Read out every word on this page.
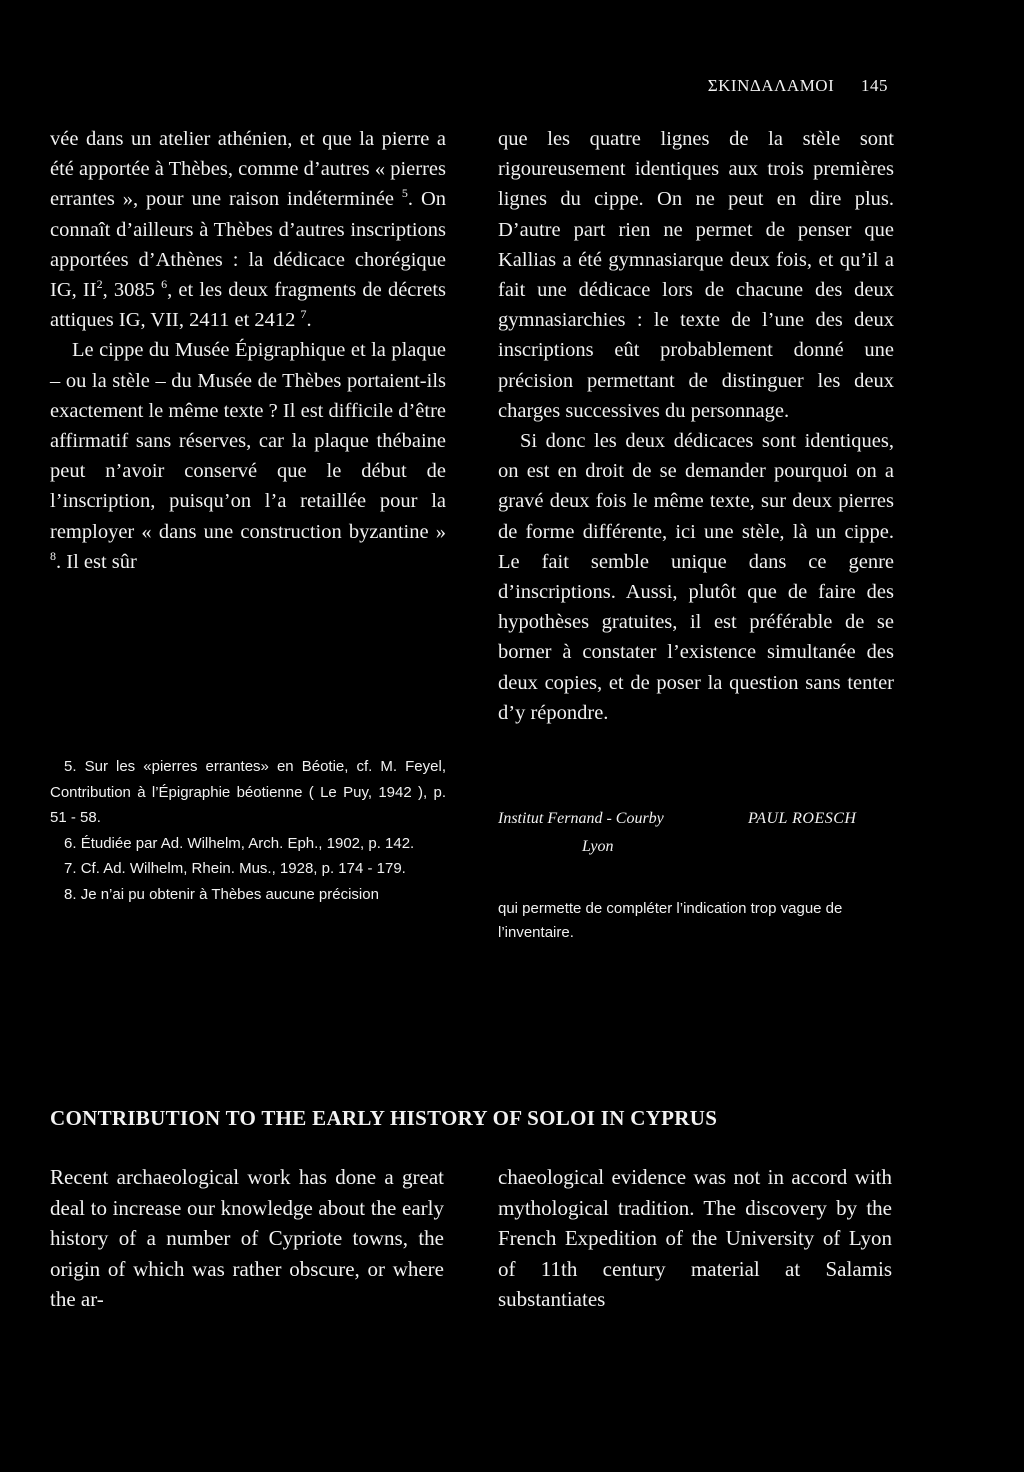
ΣΚΙΝΔΑΛΑΜΟΙ 145

vée dans un atelier athénien, et que la pierre a été apportée à Thèbes, comme d’autres « pierres errantes », pour une raison indéterminée $^5$. On connaît d’ailleurs à Thèbes d’autres inscriptions apportées d’Athènes : la dédicace chorégique IG, $II^2$, 3085 $^6$, et les deux fragments de décrets attiques IG, VII, 2411 et 2412 $^7$.

Le cippe du Musée Épigraphique et la plaque – ou la stèle – du Musée de Thèbes portaient-ils exactement le même texte ? Il est difficile d’être affirmatif sans réserves, car la plaque thébaine peut n’avoir conservé que le début de l’inscription, puisqu’on l’a retaillée pour la remployer « dans une construction byzantine » $^8$. Il est sûr

5. Sur les «pierres errantes» en Béotie, cf. M. Feyel, Contribution à l’Épigraphie béotienne ( Le Puy, 1942 ), p. 51 - 58.

6. Étudiée par Ad. Wilhelm, Arch. Eph., 1902, p. 142.

7. Cf. Ad. Wilhelm, Rhein. Mus., 1928, p. 174 - 179.

8. Je n’ai pu obtenir à Thèbes aucune précision

que les quatre lignes de la stèle sont rigoureusement identiques aux trois premières lignes du cippe. On ne peut en dire plus. D’autre part rien ne permet de penser que Kallias a été gymnasiarque deux fois, et qu’il a fait une dédicace lors de chacune des deux gymnasiarchies : le texte de l’une des deux inscriptions eût probablement donné une précision permettant de distinguer les deux charges successives du personnage.

Si donc les deux dédicaces sont identiques, on est en droit de se demander pourquoi on a gravé deux fois le même texte, sur deux pierres de forme différente, ici une stèle, là un cippe. Le fait semble unique dans ce genre d’inscriptions. Aussi, plutôt que de faire des hypothèses gratuites, il est préférable de se borner à constater l’existence simultanée des deux copies, et de poser la question sans tenter d’y répondre.

Institut Fernand - Courby
Lyon
PAUL ROESCH
qui permette de compléter l’indication trop vague de l’inventaire.
CONTRIBUTION TO THE EARLY HISTORY OF SOLOI IN CYPRUS
Recent archaeological work has done a great deal to increase our knowledge about the early history of a number of Cypriote towns, the origin of which was rather obscure, or where the ar-
chaeological evidence was not in accord with mythological tradition. The discovery by the French Expedition of the University of Lyon of 11th century material at Salamis substantiates
